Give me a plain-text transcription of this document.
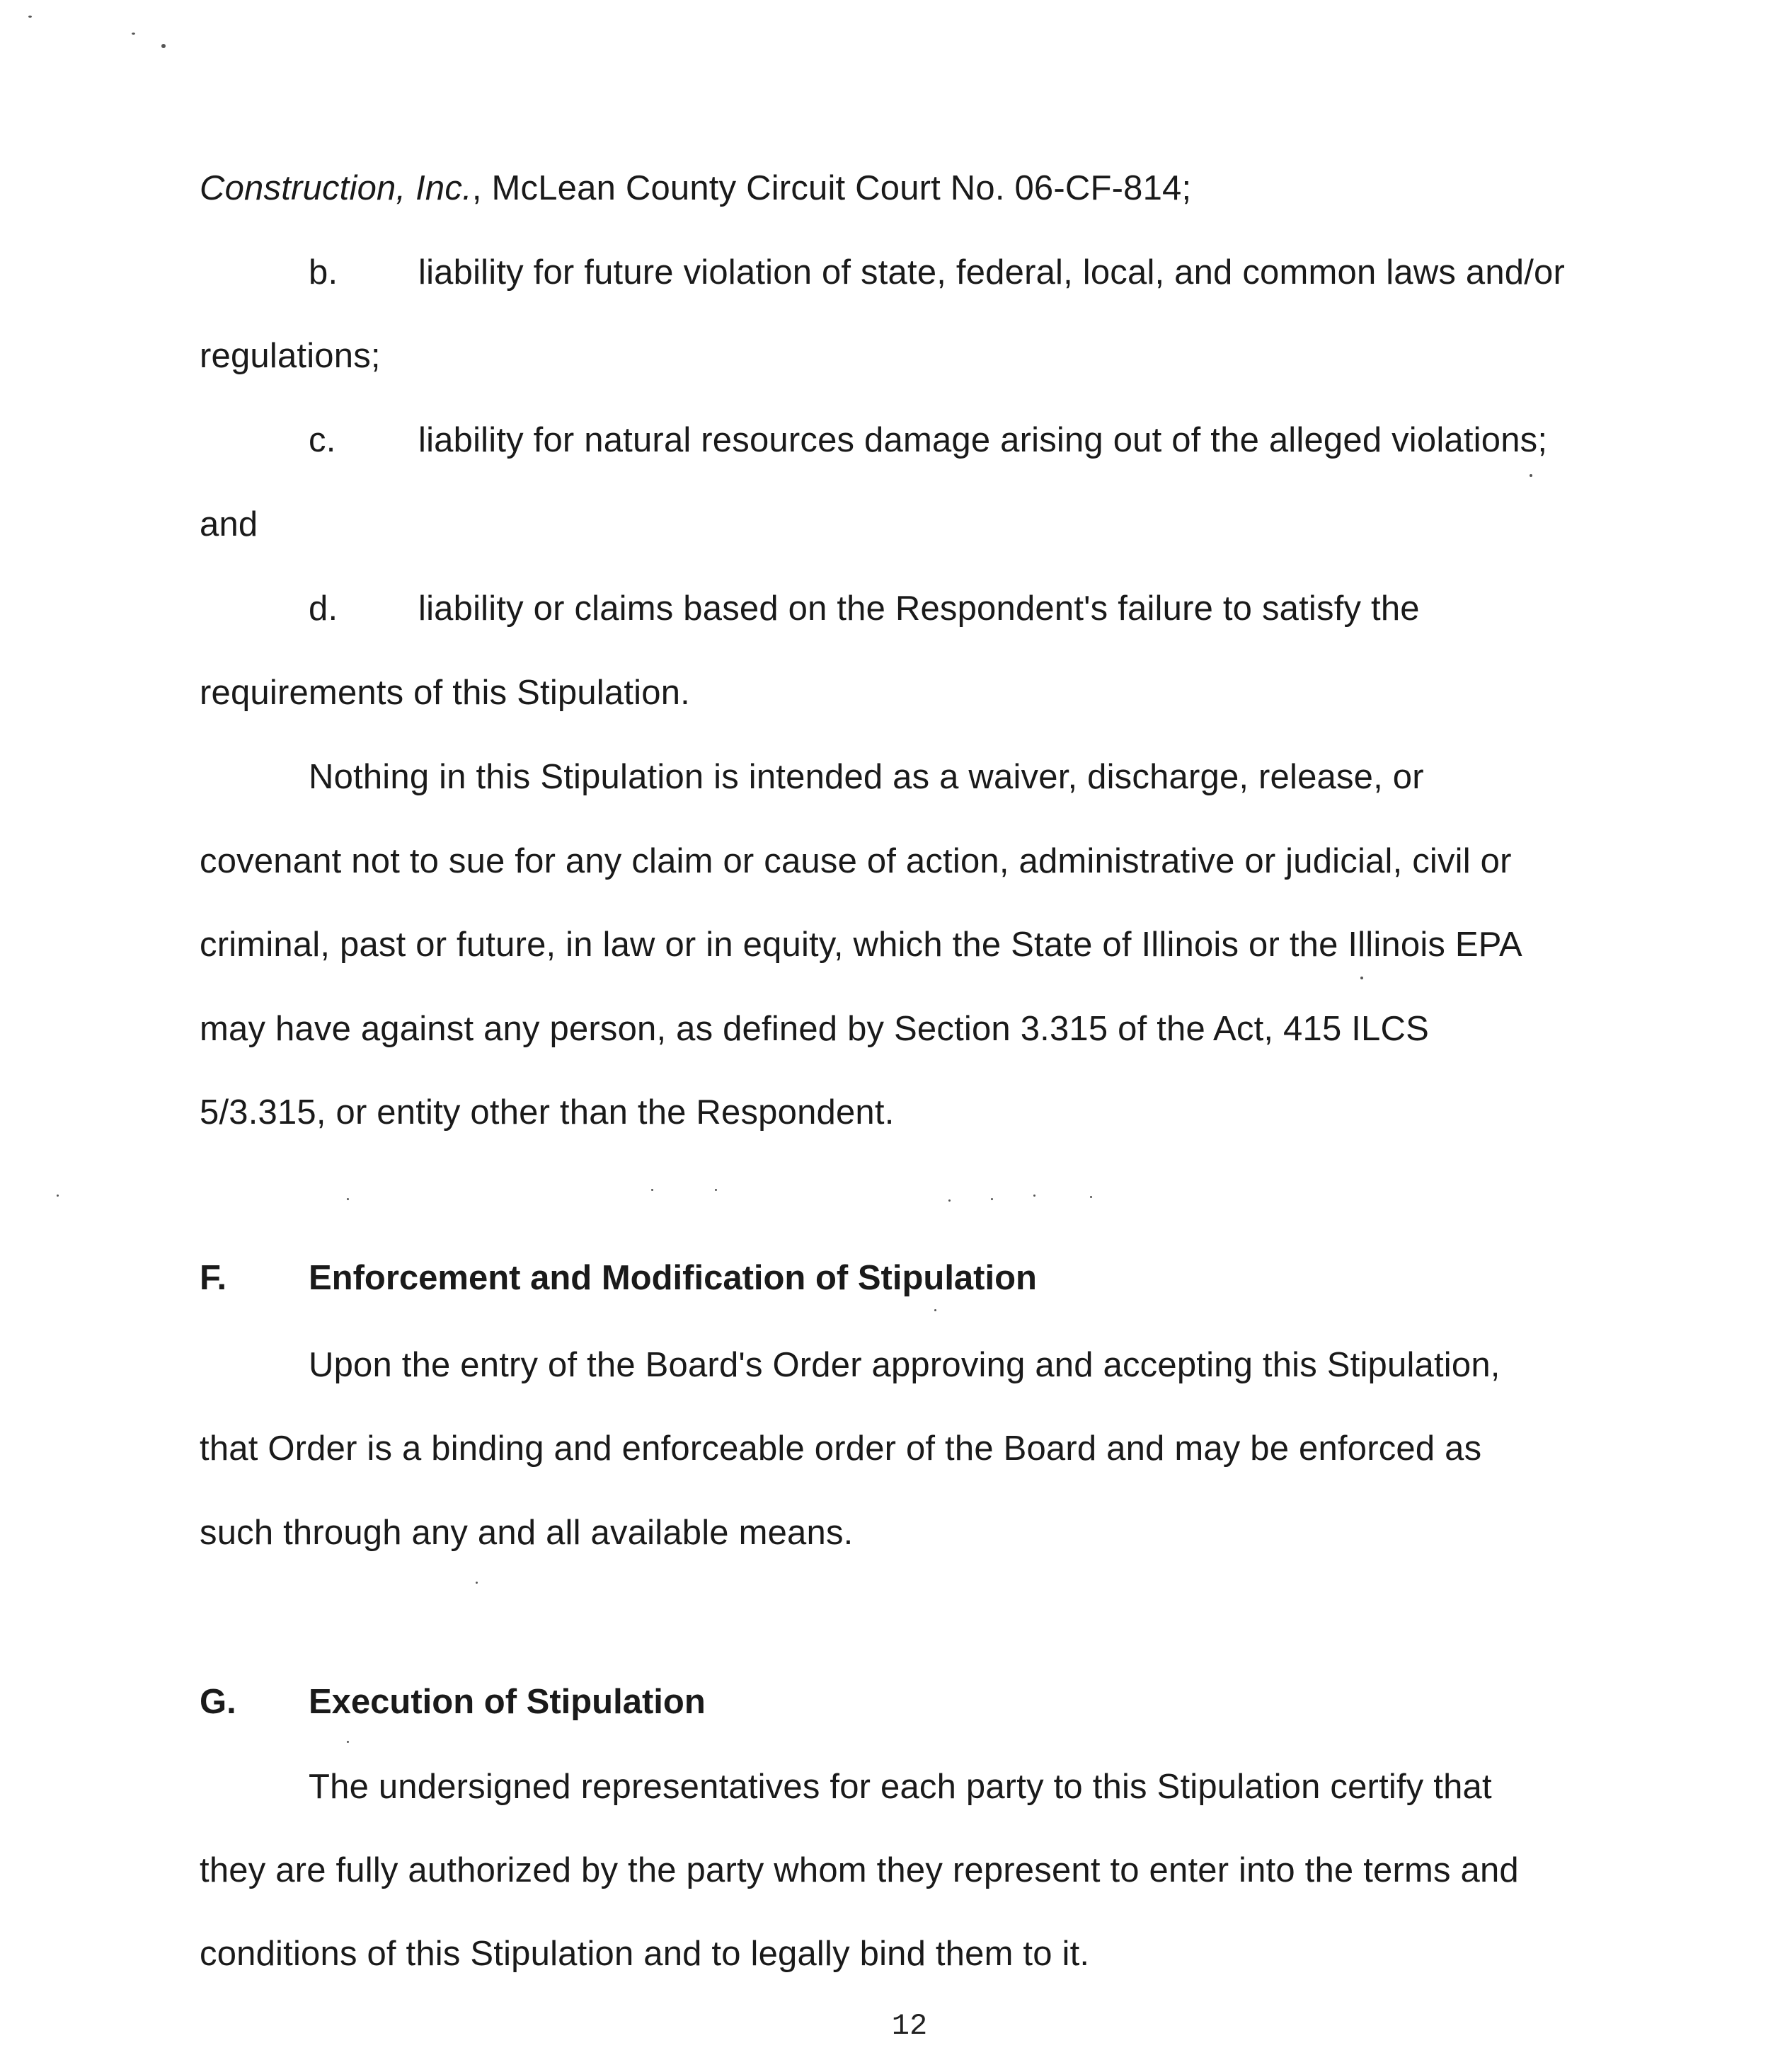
Construction, Inc., McLean County Circuit Court No. 06-CF-814;
b. liability for future violation of state, federal, local, and common laws and/or
regulations;
c. liability for natural resources damage arising out of the alleged violations;
and
d. liability or claims based on the Respondent's failure to satisfy the
requirements of this Stipulation.
Nothing in this Stipulation is intended as a waiver, discharge, release, or
covenant not to sue for any claim or cause of action, administrative or judicial, civil or
criminal, past or future, in law or in equity, which the State of Illinois or the Illinois EPA
may have against any person, as defined by Section 3.315 of the Act, 415 ILCS
5/3.315, or entity other than the Respondent.
F. Enforcement and Modification of Stipulation
Upon the entry of the Board's Order approving and accepting this Stipulation,
that Order is a binding and enforceable order of the Board and may be enforced as
such through any and all available means.
G. Execution of Stipulation
The undersigned representatives for each party to this Stipulation certify that
they are fully authorized by the party whom they represent to enter into the terms and
conditions of this Stipulation and to legally bind them to it.
12
